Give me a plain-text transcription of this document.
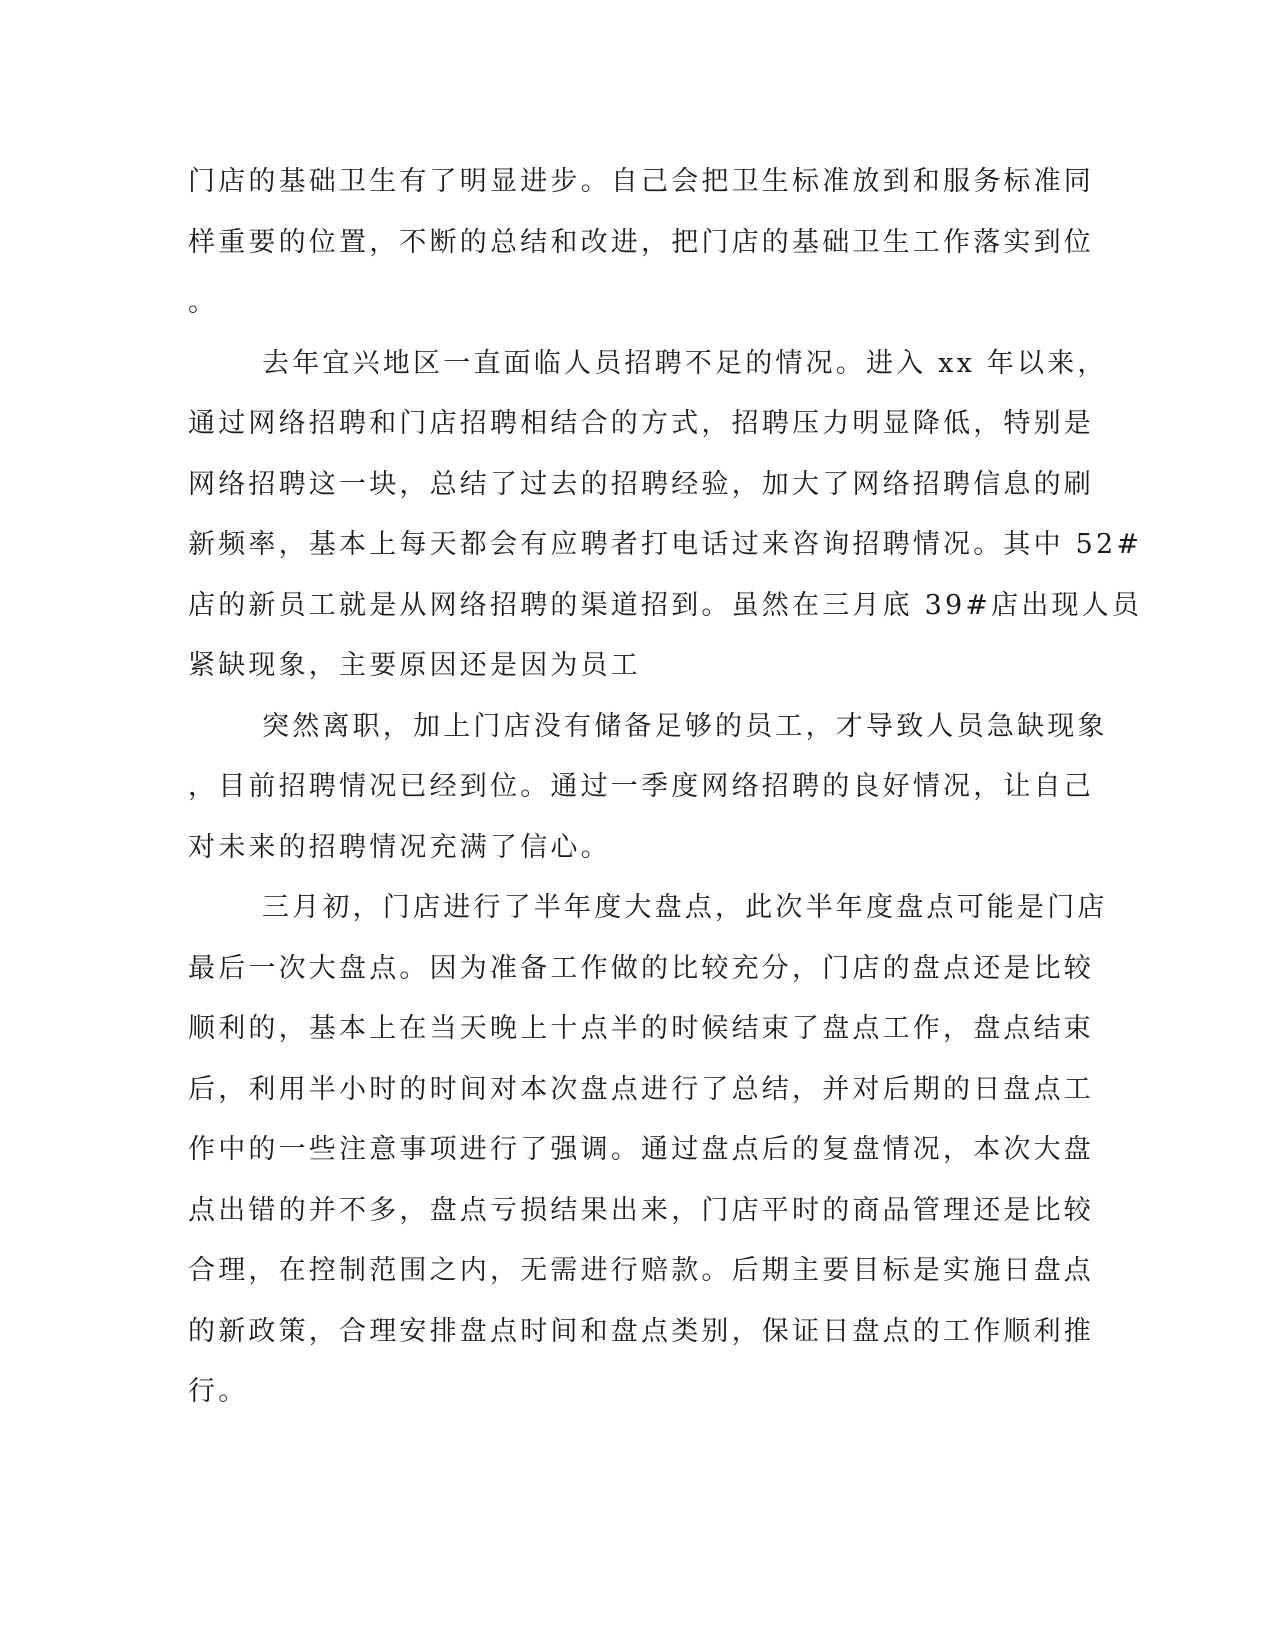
门店的基础卫生有了明显进步。自己会把卫生标准放到和服务标准同
样重要的位置，不断的总结和改进，把门店的基础卫生工作落实到位
。
去年宜兴地区一直面临人员招聘不足的情况。进入 xx 年以来，
通过网络招聘和门店招聘相结合的方式，招聘压力明显降低，特别是
网络招聘这一块，总结了过去的招聘经验，加大了网络招聘信息的刷
新频率，基本上每天都会有应聘者打电话过来咨询招聘情况。其中 52#
店的新员工就是从网络招聘的渠道招到。虽然在三月底 39#店出现人员
紧缺现象，主要原因还是因为员工
突然离职，加上门店没有储备足够的员工，才导致人员急缺现象
，目前招聘情况已经到位。通过一季度网络招聘的良好情况，让自己
对未来的招聘情况充满了信心。
三月初，门店进行了半年度大盘点，此次半年度盘点可能是门店
最后一次大盘点。因为准备工作做的比较充分，门店的盘点还是比较
顺利的，基本上在当天晚上十点半的时候结束了盘点工作，盘点结束
后，利用半小时的时间对本次盘点进行了总结，并对后期的日盘点工
作中的一些注意事项进行了强调。通过盘点后的复盘情况，本次大盘
点出错的并不多，盘点亏损结果出来，门店平时的商品管理还是比较
合理，在控制范围之内，无需进行赔款。后期主要目标是实施日盘点
的新政策，合理安排盘点时间和盘点类别，保证日盘点的工作顺利推
行。
